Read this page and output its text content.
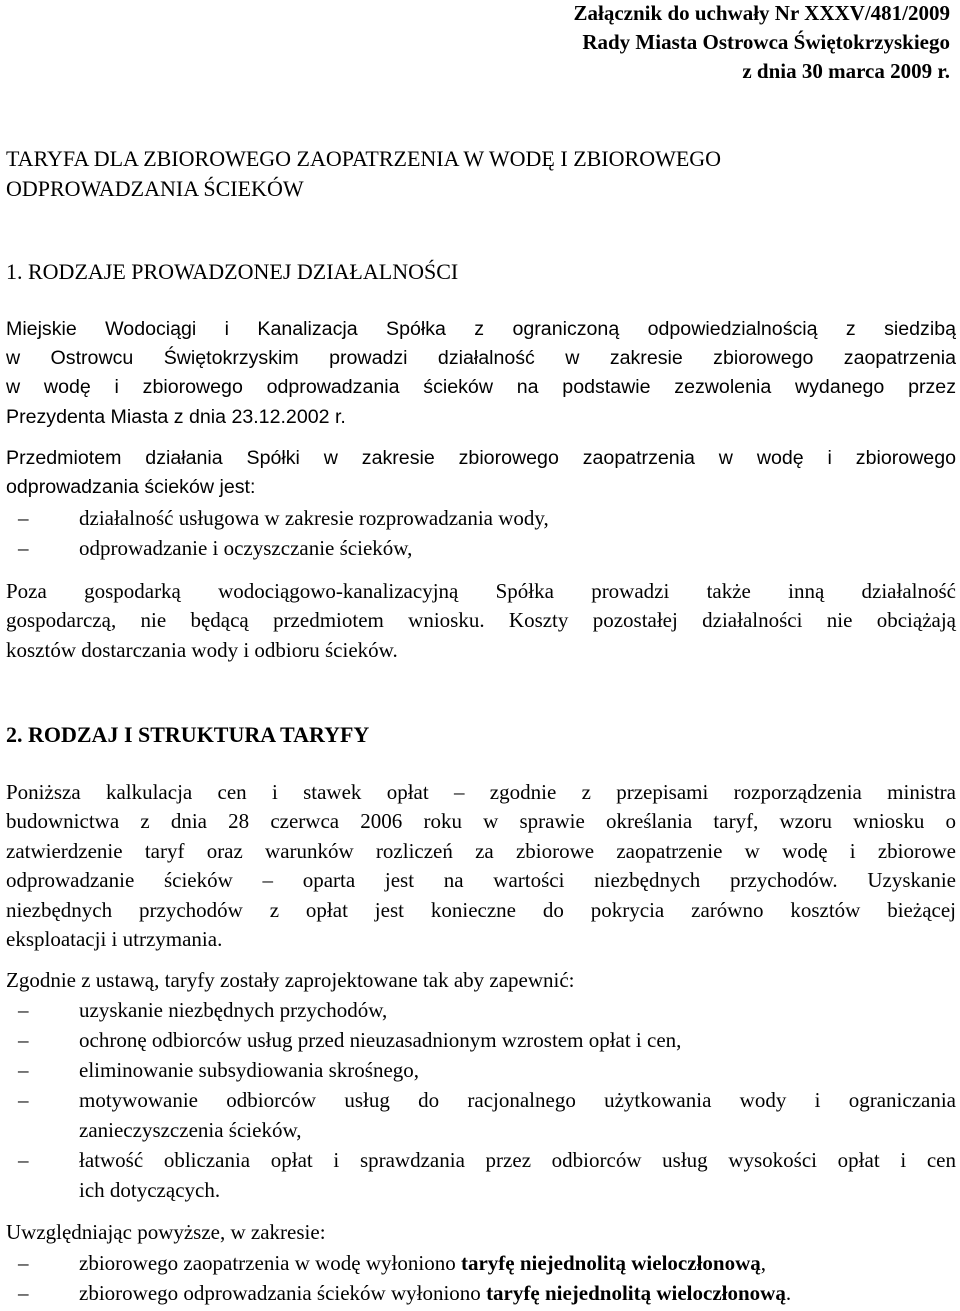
Załącznik do uchwały Nr XXXV/481/2009
Rady Miasta Ostrowca Świętokrzyskiego
z dnia 30 marca 2009 r.
TARYFA DLA ZBIOROWEGO ZAOPATRZENIA W WODĘ I ZBIOROWEGO
ODPROWADZANIA ŚCIEKÓW
1. RODZAJE PROWADZONEJ DZIAŁALNOŚCI
Miejskie Wodociągi i Kanalizacja Spółka z ograniczoną odpowiedzialnością z siedzibą
w Ostrowcu Świętokrzyskim prowadzi działalność w zakresie zbiorowego zaopatrzenia
w wodę i zbiorowego odprowadzania ścieków na podstawie zezwolenia wydanego przez
Prezydenta Miasta z dnia 23.12.2002 r.
Przedmiotem działania Spółki w zakresie zbiorowego zaopatrzenia w wodę i zbiorowego
odprowadzania ścieków jest:
– działalność usługowa w zakresie rozprowadzania wody,
– odprowadzanie i oczyszczanie ścieków,
Poza gospodarką wodociągowo-kanalizacyjną Spółka prowadzi także inną działalność
gospodarczą, nie będącą przedmiotem wniosku. Koszty pozostałej działalności nie obciążają
kosztów dostarczania wody i odbioru ścieków.
2. RODZAJ I STRUKTURA TARYFY
Poniższa kalkulacja cen i stawek opłat – zgodnie z przepisami rozporządzenia ministra
budownictwa z dnia 28 czerwca 2006 roku w sprawie określania taryf, wzoru wniosku o
zatwierdzenie taryf oraz warunków rozliczeń za zbiorowe zaopatrzenie w wodę i zbiorowe
odprowadzanie ścieków – oparta jest na wartości niezbędnych przychodów. Uzyskanie
niezbędnych przychodów z opłat jest konieczne do pokrycia zarówno kosztów bieżącej
eksploatacji i utrzymania.
Zgodnie z ustawą, taryfy zostały zaprojektowane tak aby zapewnić:
– uzyskanie niezbędnych przychodów,
– ochronę odbiorców usług przed nieuzasadnionym wzrostem opłat i cen,
– eliminowanie subsydiowania skrośnego,
– motywowanie odbiorców usług do racjonalnego użytkowania wody i ograniczania
zanieczyszczenia ścieków,
– łatwość obliczania opłat i sprawdzania przez odbiorców usług wysokości opłat i cen
ich dotyczących.
Uwzględniając powyższe, w zakresie:
– zbiorowego zaopatrzenia w wodę wyłoniono taryfę niejednolitą wieloczłonową,
– zbiorowego odprowadzania ścieków wyłoniono taryfę niejednolitą wieloczłonową.
